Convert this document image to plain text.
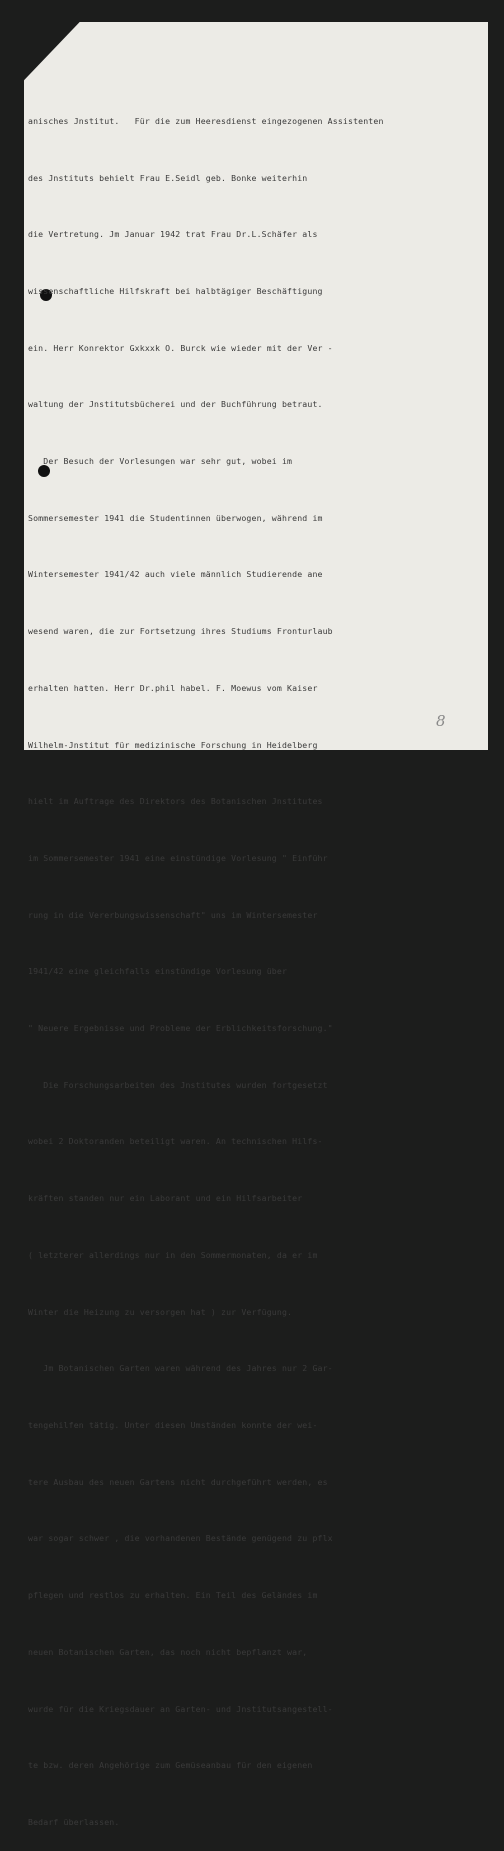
anisches Jnstitut.   Für die zum Heeresdienst eingezogenen Assistenten

des Jnstituts behielt Frau E.Seidl geb. Bonke weiterhin

die Vertretung. Jm Januar 1942 trat Frau Dr.L.Schäfer als

wissenschaftliche Hilfskraft bei halbtägiger Beschäftigung

ein. Herr Konrektor Gxkxxk O. Burck wie wieder mit der Ver -

waltung der Jnstitutsbücherei und der Buchführung betraut.

Der Besuch der Vorlesungen war sehr gut, wobei im

Sommersemester 1941 die Studentinnen überwogen, während im

Wintersemester 1941/42 auch viele männlich Studierende ane

wesend waren, die zur Fortsetzung ihres Studiums Fronturlaub

erhalten hatten. Herr Dr.phil habel. F. Moewus vom Kaiser

Wilhelm-Jnstitut für medizinische Forschung in Heidelberg

hielt im Auftrage des Direktors des Botanischen Jnstitutes

im Sommersemester 1941 eine einstündige Vorlesung " Einführ

rung in die Vererbungswissenschaft" uns im Wintersemester

1941/42 eine gleichfalls einstündige Vorlesung über

" Neuere Ergebnisse und Probleme der Erblichkeitsforschung."

Die Forschungsarbeiten des Jnstitutes wurden fortgesetzt

wobei 2 Doktoranden beteiligt waren. An technischen Hilfs-

kräften standen nur ein Laborant und ein Hilfsarbeiter

( letzterer allerdings nur in den Sommermonaten, da er im

Winter die Heizung zu versorgen hat ) zur Verfügung.

Jm Botanischen Garten waren während des Jahres nur 2 Gar-

tengehilfen tätig. Unter diesen Umständen konnte der wei-

tere Ausbau des neuen Gartens nicht durchgeführt werden, es

war sogar schwer , die vorhandenen Bestände genügend zu pflx

pflegen und restlos zu erhalten. Ein Teil des Geländes im

neuen Botanischen Garten, das noch nicht bepflanzt war,

wurde für die Kriegsdauer an Garten- und Jnstitutsangestell-

te bzw. deren Angehörige zum Gemüseanbau für den eigenen

Bedarf überlassen.

8
